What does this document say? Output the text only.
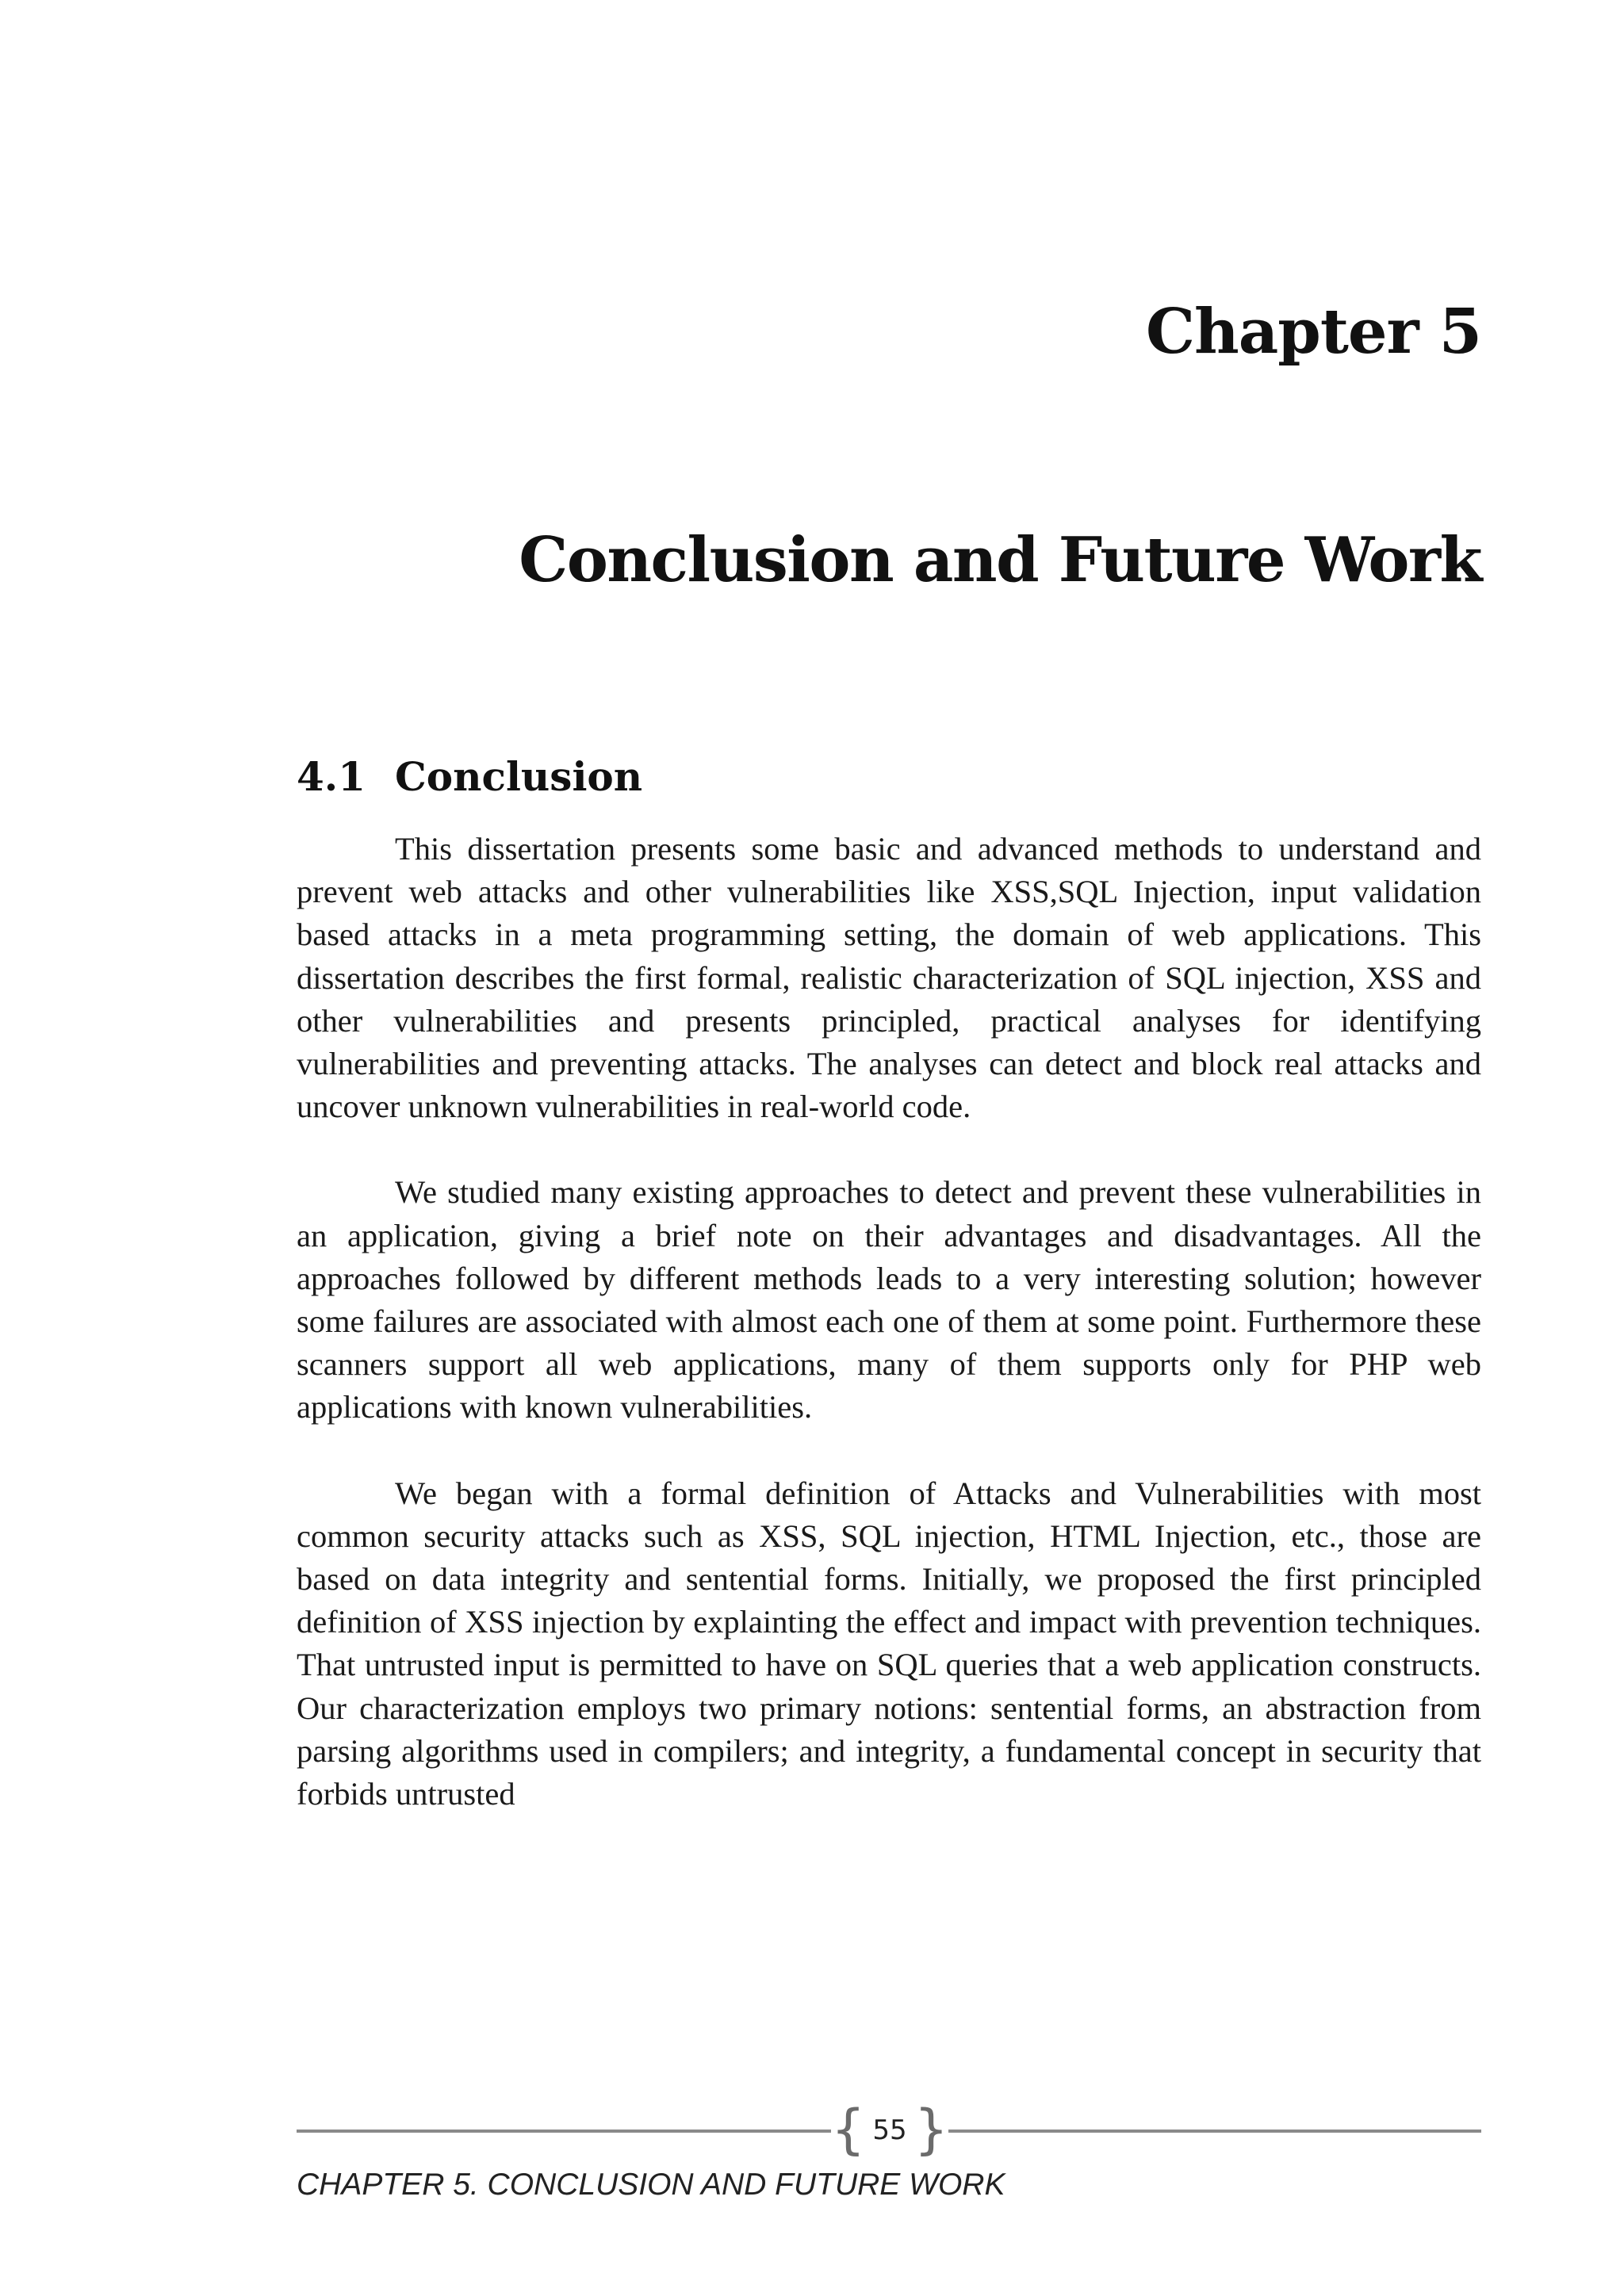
Chapter 5
Conclusion and Future Work
4.1 Conclusion

This dissertation presents some basic and advanced methods to understand and prevent web attacks and other vulnerabilities like XSS,SQL Injection, input validation based attacks in a meta programming setting, the domain of web applications. This dissertation describes the first formal, realistic characterization of SQL injection, XSS and other vulnerabilities and presents principled, practical analyses for identifying vulnerabilities and preventing attacks. The analyses can detect and block real attacks and uncover unknown vulnerabilities in real-world code.

We studied many existing approaches to detect and prevent these vulnerabilities in an application, giving a brief note on their advantages and disadvantages. All the approaches followed by different methods leads to a very interesting solution; however some failures are associated with almost each one of them at some point. Furthermore these scanners support all web applications, many of them supports only for PHP web applications with known vulnerabilities.

We began with a formal definition of Attacks and Vulnerabilities with most common security attacks such as XSS, SQL injection, HTML Injection, etc., those are based on data integrity and sentential forms. Initially, we proposed the first principled definition of XSS injection by explainting the effect and impact with prevention techniques. That untrusted input is permitted to have on SQL queries that a web application constructs. Our characterization employs two primary notions: sentential forms, an abstraction from parsing algorithms used in compilers; and integrity, a fundamental concept in security that forbids untrusted

{ 55 }

CHAPTER 5. CONCLUSION AND FUTURE WORK
